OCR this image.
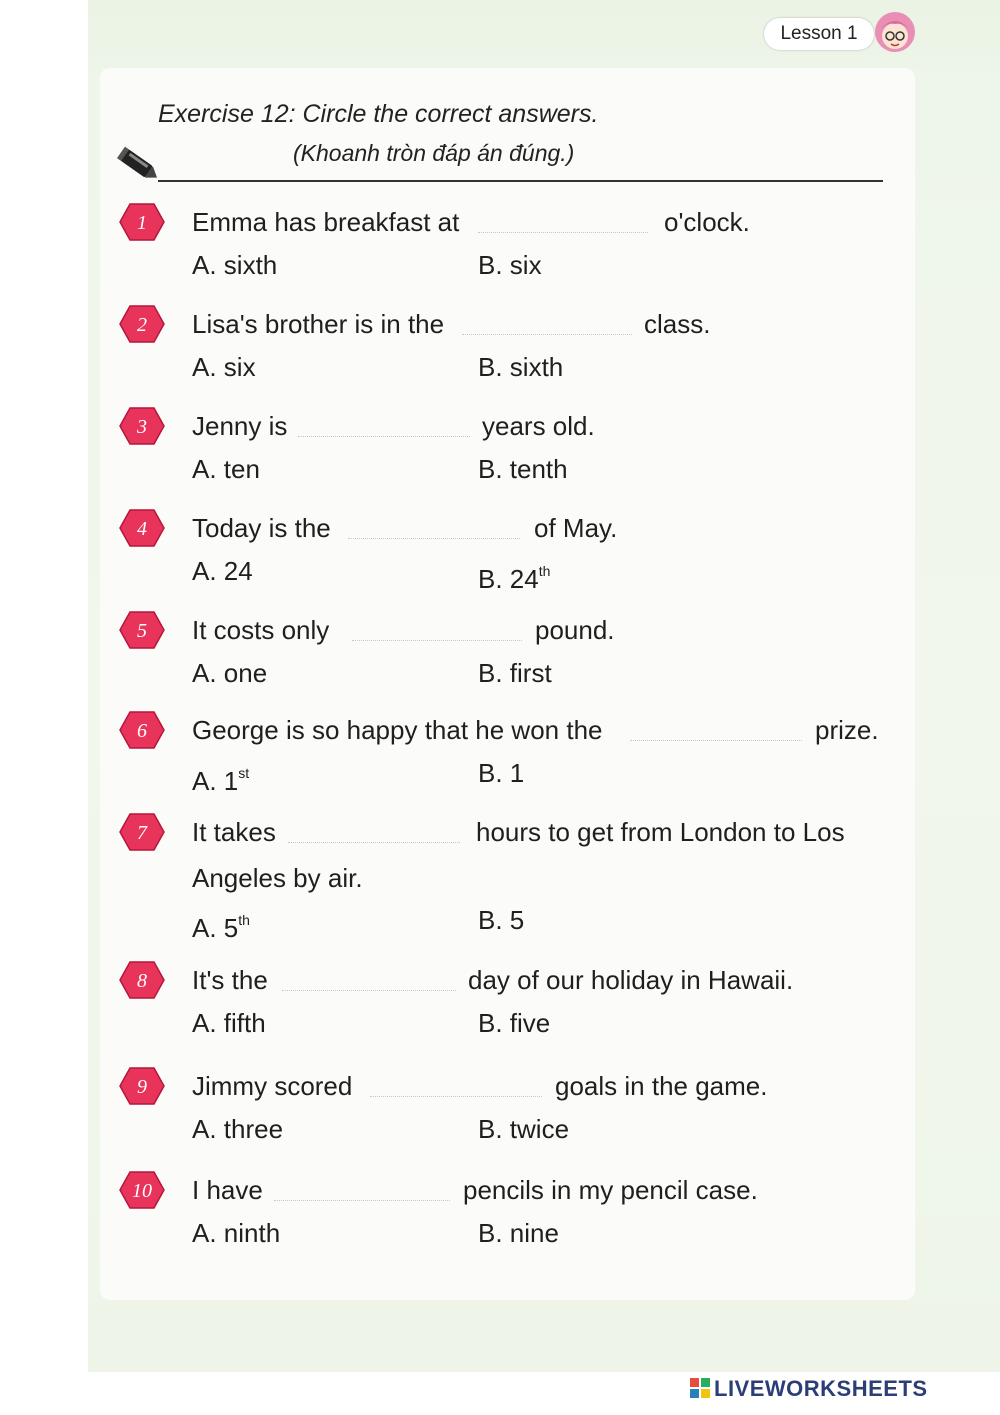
Lesson 1
Exercise 12: Circle the correct answers.
(Khoanh tròn đáp án đúng.)
1 Emma has breakfast at	o'clock.
A. sixth	B. six
2 Lisa's brother is in the	class.
A. six	B. sixth
3 Jenny is	years old.
A. ten	B. tenth
4 Today is the	of May.
A. 24	B. 24th
5 It costs only	pound.
A. one	B. first
6 George is so happy that he won the	prize.
A. 1st	B. 1
7 It takes	hours to get from London to Los
Angeles by air.
A. 5th	B. 5
8 It's the	day of our holiday in Hawaii.
A. fifth	B. five
9 Jimmy scored	goals in the game.
A. three	B. twice
10 I have	pencils in my pencil case.
A. ninth	B. nine
LIVEWORKSHEETS
